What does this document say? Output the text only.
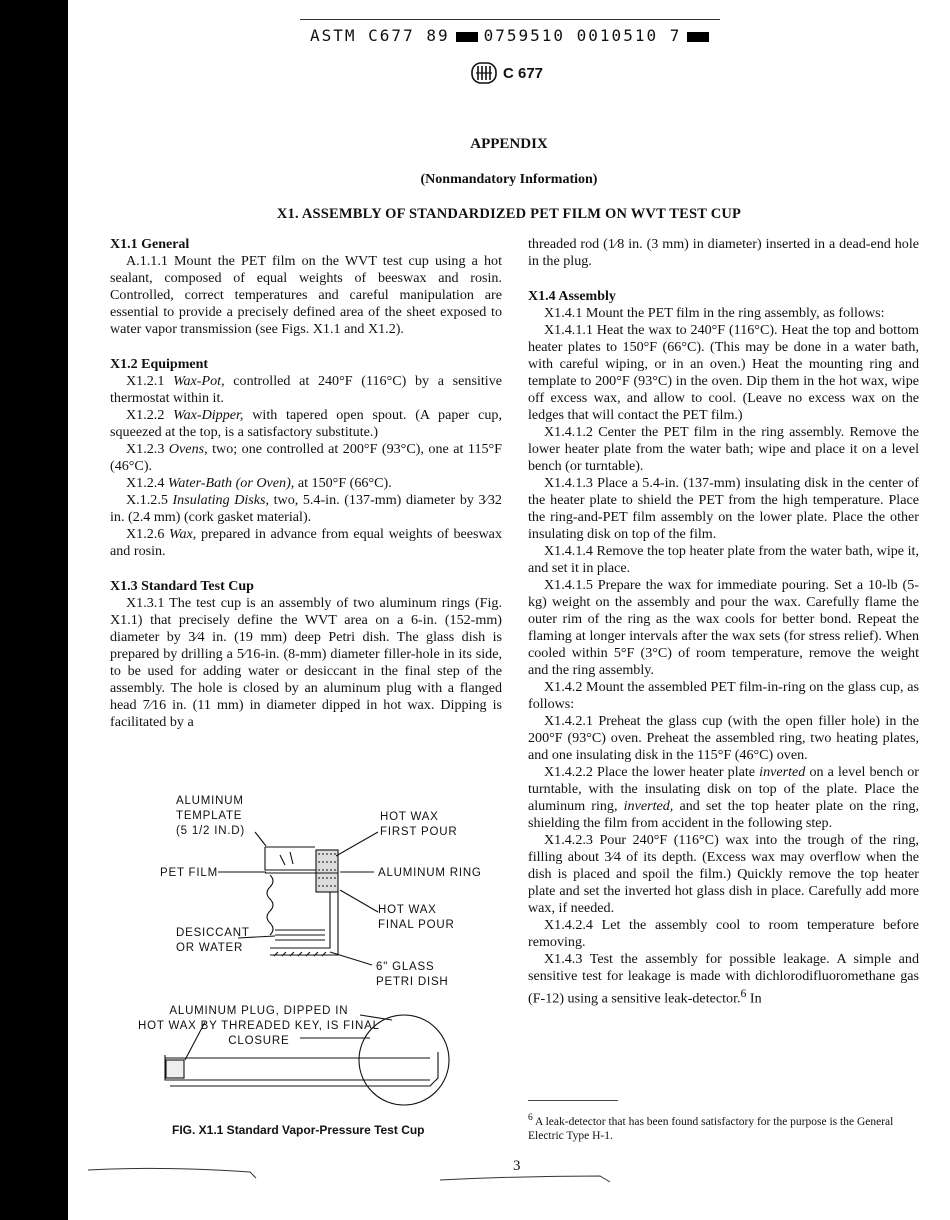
ASTM C677 89 0759510 0010510 7
C 677
APPENDIX
(Nonmandatory Information)
X1. ASSEMBLY OF STANDARDIZED PET FILM ON WVT TEST CUP
X1.1 General

A.1.1.1 Mount the PET film on the WVT test cup using a hot sealant, composed of equal weights of beeswax and rosin. Controlled, correct temperatures and careful manipulation are essential to provide a precisely defined area of the sheet exposed to water vapor transmission (see Figs. X1.1 and X1.2).

X1.2 Equipment

X1.2.1 Wax-Pot, controlled at 240°F (116°C) by a sensitive thermostat within it.

X1.2.2 Wax-Dipper, with tapered open spout. (A paper cup, squeezed at the top, is a satisfactory substitute.)

X1.2.3 Ovens, two; one controlled at 200°F (93°C), one at 115°F (46°C).

X1.2.4 Water-Bath (or Oven), at 150°F (66°C).

X.1.2.5 Insulating Disks, two, 5.4-in. (137-mm) diameter by 3⁄32 in. (2.4 mm) (cork gasket material).

X1.2.6 Wax, prepared in advance from equal weights of beeswax and rosin.

X1.3 Standard Test Cup

X1.3.1 The test cup is an assembly of two aluminum rings (Fig. X1.1) that precisely define the WVT area on a 6-in. (152-mm) diameter by 3⁄4 in. (19 mm) deep Petri dish. The glass dish is prepared by drilling a 5⁄16-in. (8-mm) diameter filler-hole in its side, to be used for adding water or desiccant in the final step of the assembly. The hole is closed by an aluminum plug with a flanged head 7⁄16 in. (11 mm) in diameter dipped in hot wax. Dipping is facilitated by a

threaded rod (1⁄8 in. (3 mm) in diameter) inserted in a dead-end hole in the plug.

X1.4 Assembly

X1.4.1 Mount the PET film in the ring assembly, as follows:

X1.4.1.1 Heat the wax to 240°F (116°C). Heat the top and bottom heater plates to 150°F (66°C). (This may be done in a water bath, with careful wiping, or in an oven.) Heat the mounting ring and template to 200°F (93°C) in the oven. Dip them in the hot wax, wipe off excess wax, and allow to cool. (Leave no excess wax on the ledges that will contact the PET film.)

X1.4.1.2 Center the PET film in the ring assembly. Remove the lower heater plate from the water bath; wipe and place it on a level bench (or turntable).

X1.4.1.3 Place a 5.4-in. (137-mm) insulating disk in the center of the heater plate to shield the PET from the high temperature. Place the ring-and-PET film assembly on the lower plate. Place the other insulating disk on top of the film.

X1.4.1.4 Remove the top heater plate from the water bath, wipe it, and set it in place.

X1.4.1.5 Prepare the wax for immediate pouring. Set a 10-lb (5-kg) weight on the assembly and pour the wax. Carefully flame the outer rim of the ring as the wax cools for better bond. Repeat the flaming at longer intervals after the wax sets (for stress relief). When cooled within 5°F (3°C) of room temperature, remove the weight and the ring assembly.

X1.4.2 Mount the assembled PET film-in-ring on the glass cup, as follows:

X1.4.2.1 Preheat the glass cup (with the open filler hole) in the 200°F (93°C) oven. Preheat the assembled ring, two heating plates, and one insulating disk in the 115°F (46°C) oven.

X1.4.2.2 Place the lower heater plate inverted on a level bench or turntable, with the insulating disk on top of the plate. Place the aluminum ring, inverted, and set the top heater plate on the ring, shielding the film from accident in the following step.

X1.4.2.3 Pour 240°F (116°C) wax into the trough of the ring, filling about 3⁄4 of its depth. (Excess wax may overflow when the dish is placed and spoil the film.) Quickly remove the top heater plate and set the inverted hot glass dish in place. Carefully add more wax, if needed.

X1.4.2.4 Let the assembly cool to room temperature before removing.

X1.4.3 Test the assembly for possible leakage. A simple and sensitive test for leakage is made with dichlorodifluoromethane gas (F-12) using a sensitive leak-detector.$^6$ In

ALUMINUM
TEMPLATE
(5 1/2 IN.D)
HOT WAX
FIRST POUR
PET FILM	ALUMINUM RING
HOT WAX
FINAL POUR
DESICCANT
OR WATER
6" GLASS
PETRI DISH
ALUMINUM PLUG, DIPPED IN
HOT WAX BY THREADED KEY, IS FINAL
CLOSURE
FIG. X1.1 Standard Vapor-Pressure Test Cup
$^6$ A leak-detector that has been found satisfactory for the purpose is the General Electric Type H-1.
3
